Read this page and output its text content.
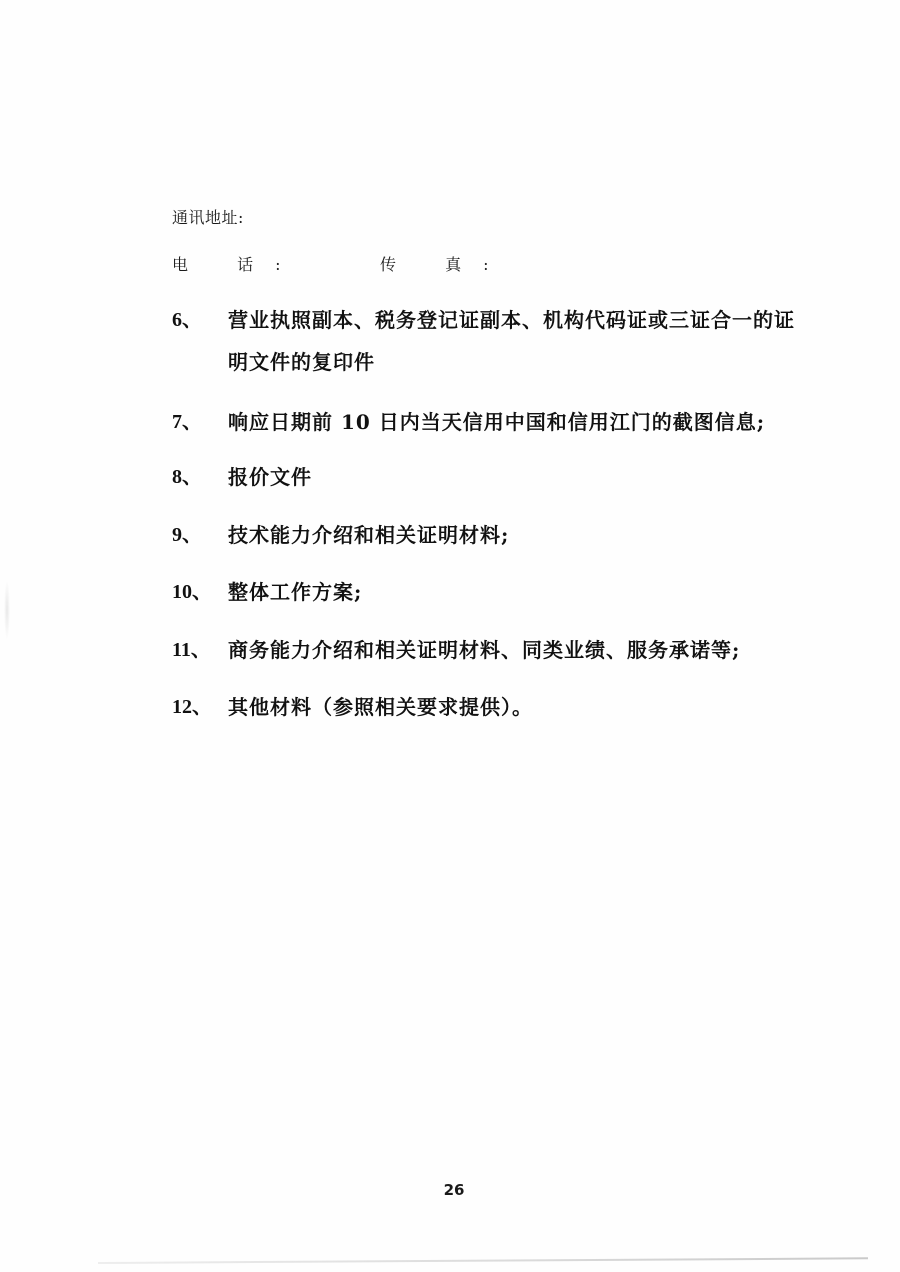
通讯地址:
电 话:	传 真:
6、	营业执照副本、税务登记证副本、机构代码证或三证合一的证
明文件的复印件
7、	响应日期前 10 日内当天信用中国和信用江门的截图信息;
8、	报价文件
9、	技术能力介绍和相关证明材料;
10、 整体工作方案;
11、 商务能力介绍和相关证明材料、同类业绩、服务承诺等;
12、 其他材料（参照相关要求提供）。
26
